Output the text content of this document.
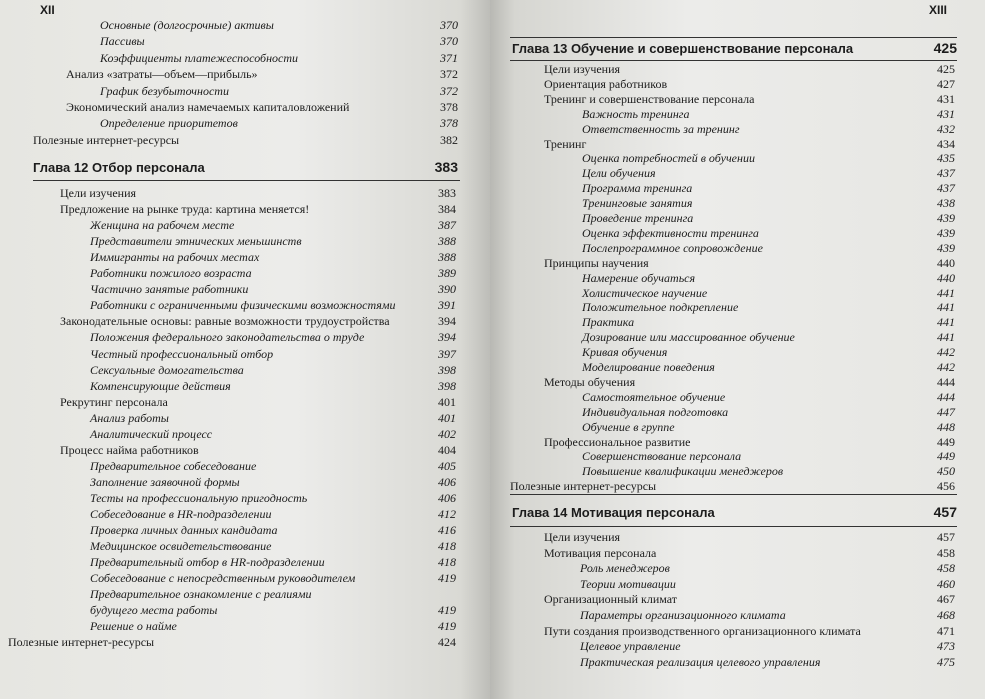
XII
Основные (долгосрочные) активы	370
Пассивы	370
Коэффициенты платежеспособности	371
Анализ «затраты—объем—прибыль»	372
График безубыточности	372
Экономический анализ намечаемых капиталовложений	378
Определение приоритетов	378
Полезные интернет-ресурсы	382
Глава 12 Отбор персонала	383
Цели изучения	383
Предложение на рынке труда: картина меняется!	384
Женщина на рабочем месте	387
Представители этнических меньшинств	388
Иммигранты на рабочих местах	388
Работники пожилого возраста	389
Частично занятые работники	390
Работники с ограниченными физическими возможностями	391
Законодательные основы: равные возможности трудоустройства	394
Положения федерального законодательства о труде	394
Честный профессиональный отбор	397
Сексуальные домогательства	398
Компенсирующие действия	398
Рекрутинг персонала	401
Анализ работы	401
Аналитический процесс	402
Процесс найма работников	404
Предварительное собеседование	405
Заполнение заявочной формы	406
Тесты на профессиональную пригодность	406
Собеседование в HR-подразделении	412
Проверка личных данных кандидата	416
Медицинское освидетельствование	418
Предварительный отбор в HR-подразделении	418
Собеседование с непосредственным руководителем	419
Предварительное ознакомление с реалиями
будущего места работы	419
Решение о найме	419
Полезные интернет-ресурсы	424
XIII
Глава 13 Обучение и совершенствование персонала	425
Цели изучения	425
Ориентация работников	427
Тренинг и совершенствование персонала	431
Важность тренинга	431
Ответственность за тренинг	432
Тренинг	434
Оценка потребностей в обучении	435
Цели обучения	437
Программа тренинга	437
Тренинговые занятия	438
Проведение тренинга	439
Оценка эффективности тренинга	439
Послепрограммное сопровождение	439
Принципы научения	440
Намерение обучаться	440
Холистическое научение	441
Положительное подкрепление	441
Практика	441
Дозирование или массированное обучение	441
Кривая обучения	442
Моделирование поведения	442
Методы обучения	444
Самостоятельное обучение	444
Индивидуальная подготовка	447
Обучение в группе	448
Профессиональное развитие	449
Совершенствование персонала	449
Повышение квалификации менеджеров	450
Полезные интернет-ресурсы	456
Глава 14 Мотивация персонала	457
Цели изучения	457
Мотивация персонала	458
Роль менеджеров	458
Теории мотивации	460
Организационный климат	467
Параметры организационного климата	468
Пути создания производственного организационного климата	471
Целевое управление	473
Практическая реализация целевого управления	475
